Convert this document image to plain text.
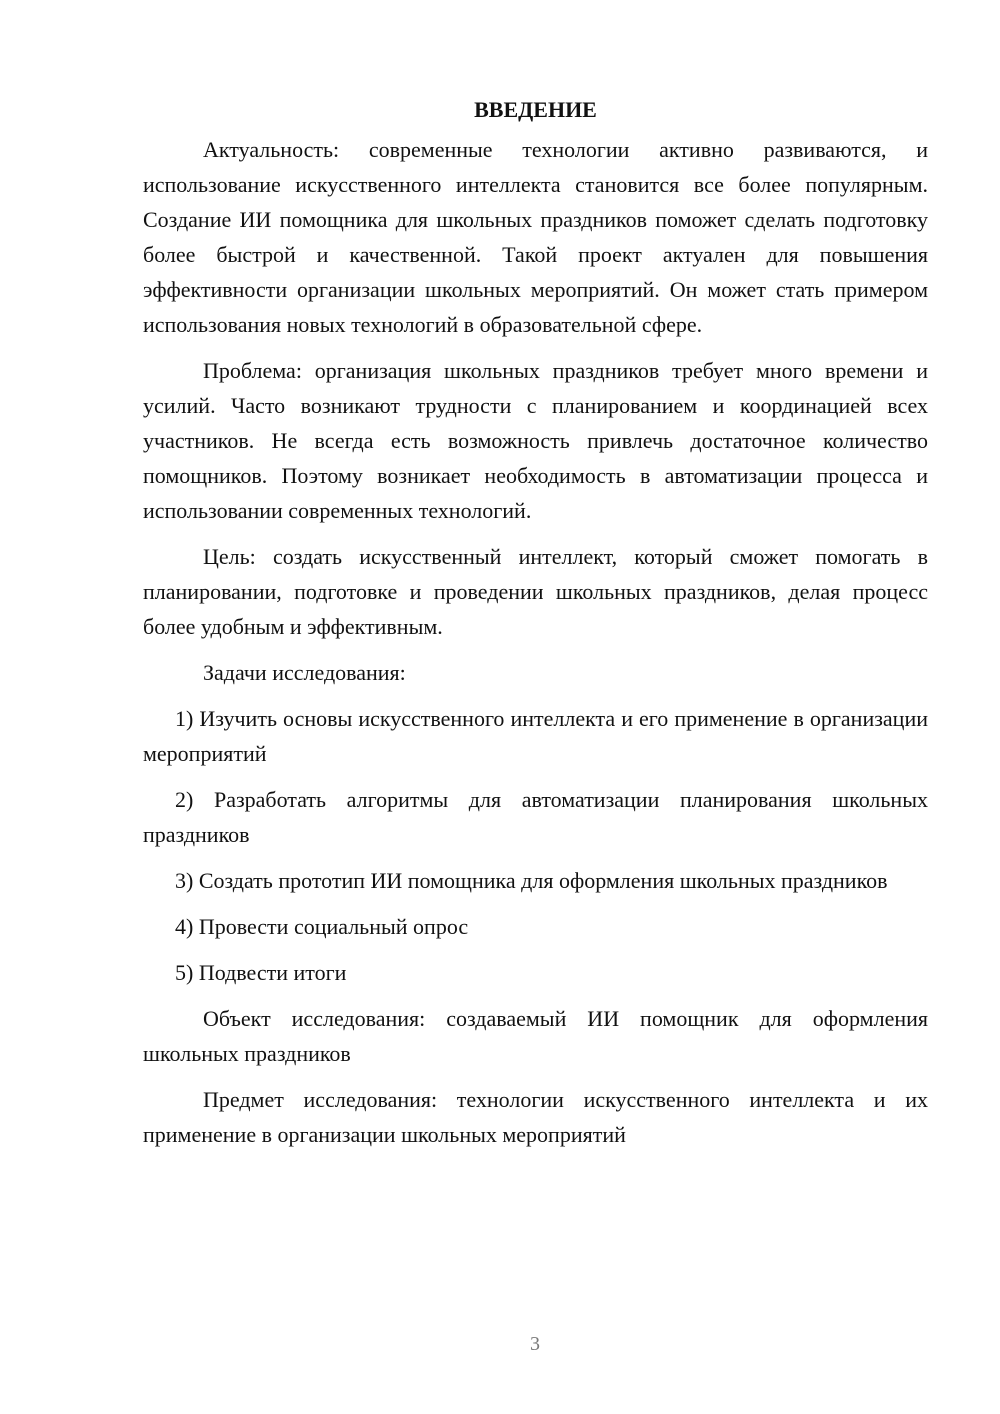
ВВЕДЕНИЕ

Актуальность: современные технологии активно развиваются, и использование искусственного интеллекта становится все более популярным. Создание ИИ помощника для школьных праздников поможет сделать подготовку более быстрой и качественной. Такой проект актуален для повышения эффективности организации школьных мероприятий. Он может стать примером использования новых технологий в образовательной сфере.

Проблема: организация школьных праздников требует много времени и усилий. Часто возникают трудности с планированием и координацией всех участников. Не всегда есть возможность привлечь достаточное количество помощников. Поэтому возникает необходимость в автоматизации процесса и использовании современных технологий.

Цель: создать искусственный интеллект, который сможет помогать в планировании, подготовке и проведении школьных праздников, делая процесс более удобным и эффективным.

Задачи исследования:

1) Изучить основы искусственного интеллекта и его применение в организации мероприятий

2) Разработать алгоритмы для автоматизации планирования школьных праздников

3) Создать прототип ИИ помощника для оформления школьных праздников

4) Провести социальный опрос

5) Подвести итоги

Объект исследования: создаваемый ИИ помощник для оформления школьных праздников

Предмет исследования: технологии искусственного интеллекта и их применение в организации школьных мероприятий

3
